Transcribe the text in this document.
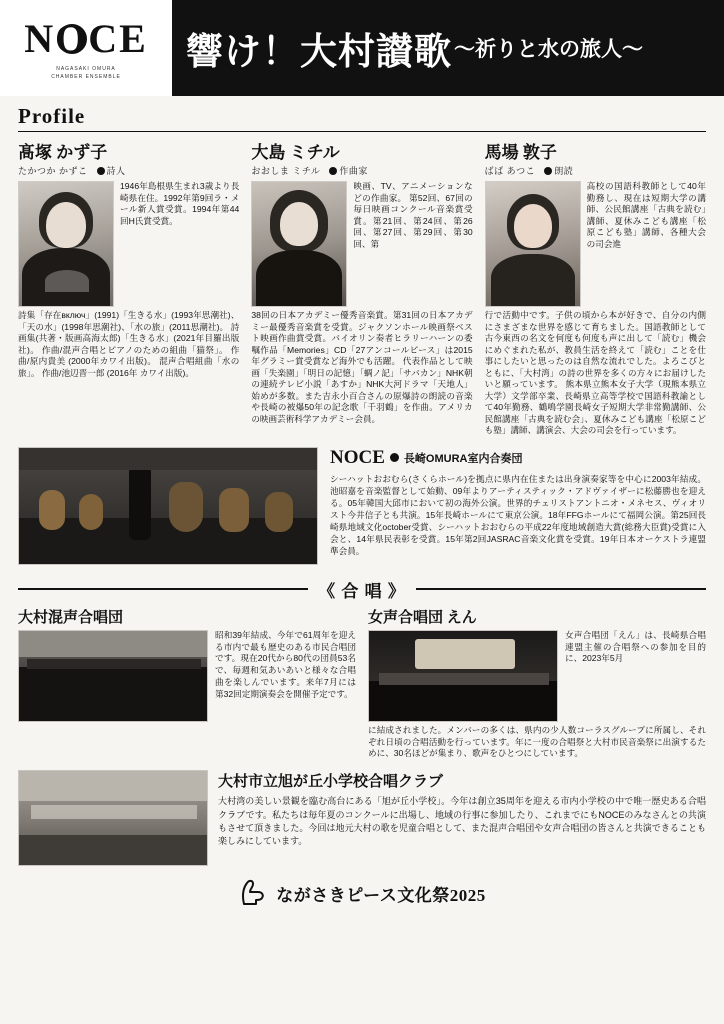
N O C E
NAGASAKI OMURA
CHAMBER ENSEMBLE
響け！大村讃歌 〜祈りと水の旅人〜
Profile
髙塚 かず子
たかつか かずこ 詩人
1946年島根県生まれ3歳より長崎県在住。1992年第9回ラ・メール新人賞受賞。1994年第44回H氏賞受賞。
詩集「存在включ」(1991)「生きる水」(1993年思潮社)、「天の水」(1998年思潮社)、「水の旅」(2011思潮社)。 詩画集(共著・版画高海太郎)「生きる水」(2021年目羅出版社)。 作曲/混声合唱とピアノのための組曲「猫祭」。 作曲/原内貴美 (2000年カワイ出版)。 混声合唱組曲「水の旅」。 作曲/池辺晋一郎 (2016年 カワイ出版)。
大島 ミチル
おおしま ミチル 作曲家
映画、TV、アニメーションなどの作曲家。 第52回、67回の毎日映画コンクール音楽賞受賞。第21回、第24回、第26回、第27回、第29回、第30回、第
38回の日本アカデミー優秀音楽賞。第31回の日本アカデミー最優秀音楽賞を受賞。ジャクソンホール映画祭ベスト映画作曲賞受賞。バイオリン奏者ヒラリーハーンの委嘱作品「Memories」CD「27アンコールピース」は2015年グラミー賞受賞など海外でも活躍。 代表作品として映画「失楽園」「明日の記憶」「蜩ノ記」「サバカン」NHK朝の連続テレビ小説「あすか」NHK大河ドラマ「天地人」始めが多数。また吉永小百合さんの原爆詩の朗読の音楽や長崎の被爆50年の記念歌「千羽鶴」を作曲。アメリカの映画芸術科学アカデミー会員。
馬場 敦子
ばば あつこ 朗読
高校の国語科教師として40年勤務し、現在は短期大学の講師、公民館講座「古典を読む」講師、夏休みこども講座「松原こども塾」講師、各種大会の司会進
行で活動中です。子供の頃から本が好きで、自分の内側にさまざまな世界を感じて育ちました。国語教師として古今東西の名文を何度も何度も声に出して「読む」機会にめぐまれた私が、教員生活を終えて「読む」ことを仕事にしたいと思ったのは自然な流れでした。よろこびとともに、「大村湾」の詩の世界を多くの方々にお届けしたいと願っています。 熊本県立熊本女子大学（現熊本県立大学）文学部卒業、長崎県立高等学校で国語科教諭として40年勤務、鶴鳴学園長崎女子短期大学非常勤講師、公民館講座「古典を読む会」、夏休みこども講座「松原こども塾」講師、講演会、大会の司会を行っています。
NOCE 長崎OMURA室内合奏団
シーハットおおむら(さくらホール)を拠点に県内在住または出身演奏家等を中心に2003年結成。池昭嘉を音楽監督として始動、09年よりアーティスティック・アドヴァイザーに松藤勝也を迎える。05年韓国大邱市において初の海外公演。世界的チェリストアントニオ・メネセス、ヴィオリスト今井信子とも共演。15年長崎ホールにて東京公演。18年FFGホールにて福岡公演。第25回長崎県地域文化october受賞、シーハットおおむらの平成22年度地域創造大賞(総務大臣賞)受賞に入会と、14年県民表彰を受賞。15年第2回JASRAC音楽文化賞を受賞。19年日本オーケストラ連盟準会員。
《 合 唱 》
大村混声合唱団
昭和39年結成、今年で61周年を迎える市内で最も歴史のある市民合唱団です。現在20代から80代の団員53名で、毎週和気あいあいと様々な合唱曲を楽しんでいます。来年7月には第32回定期演奏会を開催予定です。
女声合唱団 えん
女声合唱団「えん」は、長崎県合唱連盟主催の合唱祭への参加を目的に、2023年5月
に結成されました。メンバーの多くは、県内の少人数コーラスグループに所属し、それぞれ日頃の合唱活動を行っています。年に一度の合唱祭と大村市民音楽祭に出演するために、30名ほどが集まり、歌声をひとつにしています。
大村市立旭が丘小学校合唱クラブ
大村湾の美しい景観を臨む高台にある「旭が丘小学校」。今年は創立35周年を迎える市内小学校の中で唯一歴史ある合唱クラブです。私たちは毎年夏のコンクールに出場し、地域の行事に参加したり、これまでにもNOCEのみなさんとの共演もさせて頂きました。今回は地元大村の歌を児童合唱として、また混声合唱団や女声合唱団の皆さんと共演できることも楽しみにしています。
ながさきピース文化祭2025
